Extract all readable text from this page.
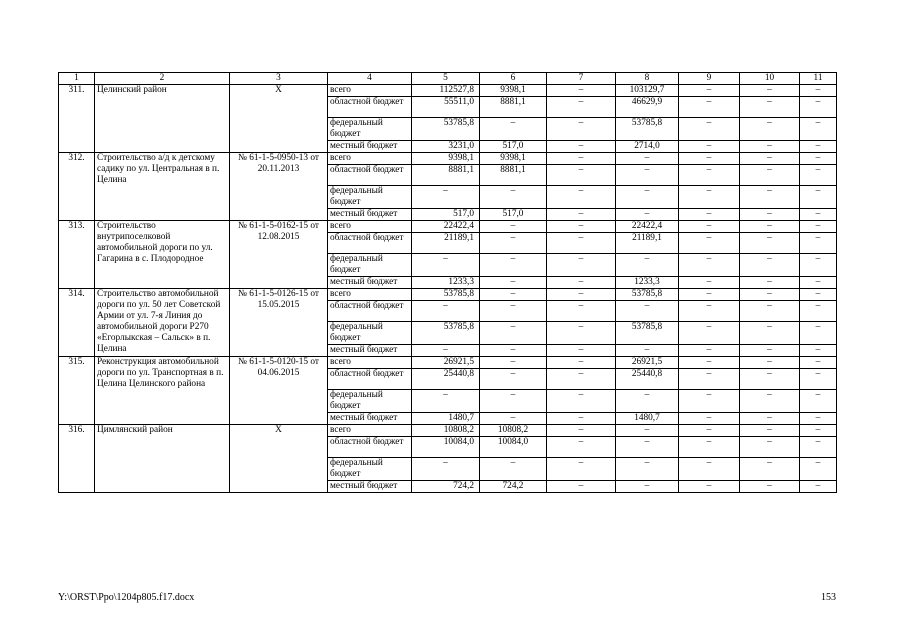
1	2	3	4	5	6	7	8	9	10	11
311.	Целинский район	Х	всего	112527,8	9398,1	–	103129,7	–	–	–
			областной бюджет	55511,0	8881,1	–	46629,9	–	–	–
			федеральный бюджет	53785,8	–	–	53785,8	–	–	–
			местный бюджет	3231,0	517,0	–	2714,0	–	–	–
312.	Строительство а/д к детскому садику по ул. Центральная в п. Целина	№ 61-1-5-0950-13 от 20.11.2013	всего	9398,1	9398,1	–	–	–	–	–
			областной бюджет	8881,1	8881,1	–	–	–	–	–
			федеральный бюджет	–	–	–	–	–	–	–
			местный бюджет	517,0	517,0	–	–	–	–	–
313.	Строительство внутрипоселковой автомобильной дороги по ул. Гагарина в с. Плодородное	№ 61-1-5-0162-15 от 12.08.2015	всего	22422,4	–	–	22422,4	–	–	–
			областной бюджет	21189,1	–	–	21189,1	–	–	–
			федеральный бюджет	–	–	–	–	–	–	–
			местный бюджет	1233,3	–	–	1233,3	–	–	–
314.	Строительство автомобильной дороги по ул. 50 лет Советской Армии от ул. 7-я Линия до автомобильной дороги Р270 «Егорлыкская – Сальск» в п. Целина	№ 61-1-5-0126-15 от 15.05.2015	всего	53785,8	–	–	53785,8	–	–	–
			областной бюджет	–	–	–	–	–	–	–
			федеральный бюджет	53785,8	–	–	53785,8	–	–	–
			местный бюджет	–	–	–	–	–	–	–
315.	Реконструкция автомобильной дороги по ул. Транспортная в п. Целина Целинского района	№ 61-1-5-0120-15 от 04.06.2015	всего	26921,5	–	–	26921,5	–	–	–
			областной бюджет	25440,8	–	–	25440,8	–	–	–
			федеральный бюджет	–	–	–	–	–	–	–
			местный бюджет	1480,7	–	–	1480,7	–	–	–
316.	Цимлянский район	Х	всего	10808,2	10808,2	–	–	–	–	–
			областной бюджет	10084,0	10084,0	–	–	–	–	–
			федеральный бюджет	–	–	–	–	–	–	–
			местный бюджет	724,2	724,2	–	–	–	–	–
Y:\ORST\Ppo\1204p805.f17.docx	153
